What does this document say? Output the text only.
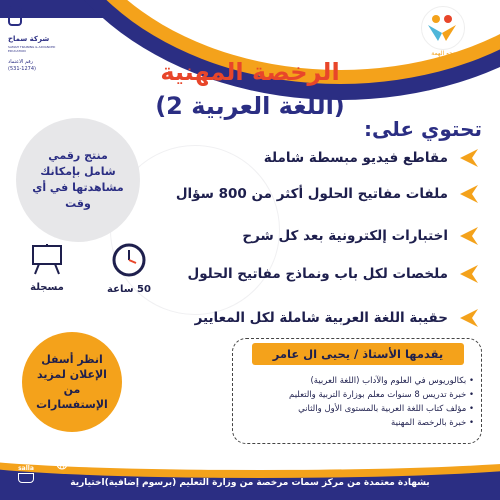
شركة سماح
SAMAH TRAINING & ADVANCED EDUCATION
رقم الاعتماد
(531-1274)
نحو الهمة
الرخصة المهنية
(اللغة العربية 2)
تحتوي على:
مقاطع فيديو مبسطة شاملة
ملفات مفاتيح الحلول أكثر من 800 سؤال
اختبارات إلكترونية بعد كل شرح
ملخصات لكل باب ونماذج مفاتيح الحلول
حقيبة اللغة العربية شاملة لكل المعايير
منتج رقمي شامل بإمكانك مشاهدتها في أي وقت
مسجلة	50 ساعة
انظر أسفل الإعلان لمزيد من الإستفسارات
يقدمها الأستاذ / يحيى ال عامر
• بكالوريوس في العلوم والآداب (اللغة العربية)
• خبرة تدريس 8 سنوات معلم بوزارة التربية والتعليم
• مؤلف كتاب اللغة العربية بالمستوى الأول والثاني
• خبرة بالرخصة المهنية
سلة
salla
https://towardss.com
بشهادة معتمدة من مركز سمات مرخصة من وزارة التعليم (برسوم إضافية)اختيارية
